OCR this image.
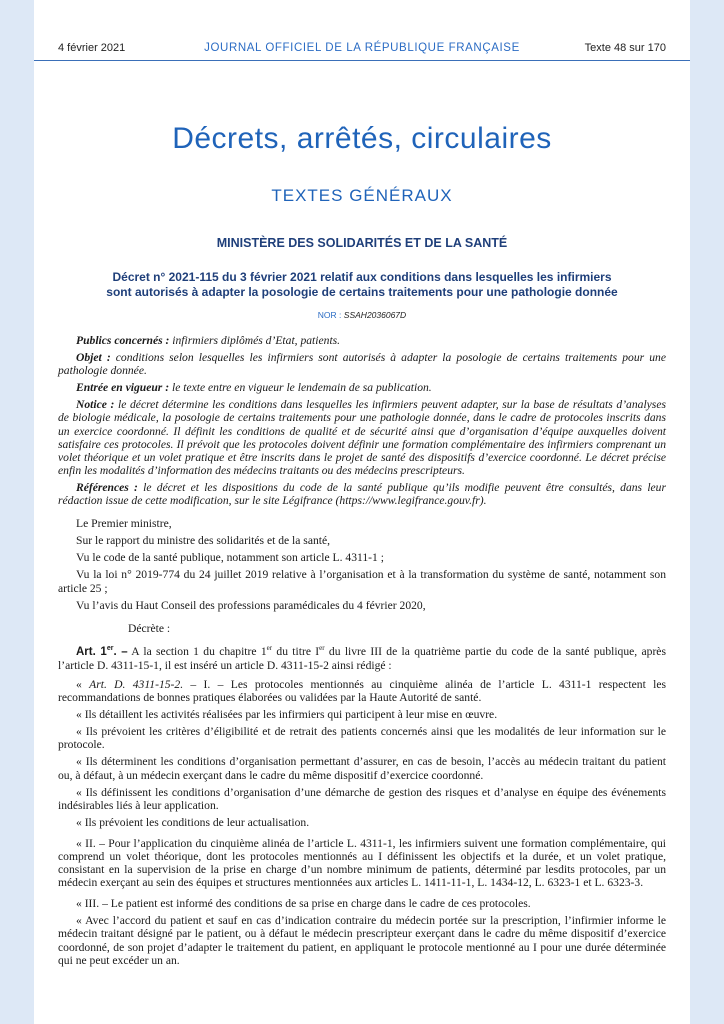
4 février 2021	JOURNAL OFFICIEL DE LA RÉPUBLIQUE FRANÇAISE	Texte 48 sur 170
Décrets, arrêtés, circulaires
TEXTES GÉNÉRAUX
MINISTÈRE DES SOLIDARITÉS ET DE LA SANTÉ
Décret n° 2021-115 du 3 février 2021 relatif aux conditions dans lesquelles les infirmiers
sont autorisés à adapter la posologie de certains traitements pour une pathologie donnée
NOR : SSAH2036067D

Publics concernés : infirmiers diplômés d’Etat, patients.

Objet : conditions selon lesquelles les infirmiers sont autorisés à adapter la posologie de certains traitements pour une pathologie donnée.

Entrée en vigueur : le texte entre en vigueur le lendemain de sa publication.

Notice : le décret détermine les conditions dans lesquelles les infirmiers peuvent adapter, sur la base de résultats d’analyses de biologie médicale, la posologie de certains traitements pour une pathologie donnée, dans le cadre de protocoles inscrits dans un exercice coordonné. Il définit les conditions de qualité et de sécurité ainsi que d’organisation d’équipe auxquelles doivent satisfaire ces protocoles. Il prévoit que les protocoles doivent définir une formation complémentaire des infirmiers comprenant un volet théorique et un volet pratique et être inscrits dans le projet de santé des dispositifs d’exercice coordonné. Le décret précise enfin les modalités d’information des médecins traitants ou des médecins prescripteurs.

Références : le décret et les dispositions du code de la santé publique qu’ils modifie peuvent être consultés, dans leur rédaction issue de cette modification, sur le site Légifrance (https://www.legifrance.gouv.fr).

Le Premier ministre,

Sur le rapport du ministre des solidarités et de la santé,

Vu le code de la santé publique, notamment son article L. 4311-1 ;

Vu la loi n° 2019-774 du 24 juillet 2019 relative à l’organisation et à la transformation du système de santé, notamment son article 25 ;

Vu l’avis du Haut Conseil des professions paramédicales du 4 février 2020,

Décrète :

Art. 1er. – A la section 1 du chapitre 1er du titre Ier du livre III de la quatrième partie du code de la santé publique, après l’article D. 4311-15-1, il est inséré un article D. 4311-15-2 ainsi rédigé :

« Art. D. 4311-15-2. – I. – Les protocoles mentionnés au cinquième alinéa de l’article L. 4311-1 respectent les recommandations de bonnes pratiques élaborées ou validées par la Haute Autorité de santé.

« Ils détaillent les activités réalisées par les infirmiers qui participent à leur mise en œuvre.

« Ils prévoient les critères d’éligibilité et de retrait des patients concernés ainsi que les modalités de leur information sur le protocole.

« Ils déterminent les conditions d’organisation permettant d’assurer, en cas de besoin, l’accès au médecin traitant du patient ou, à défaut, à un médecin exerçant dans le cadre du même dispositif d’exercice coordonné.

« Ils définissent les conditions d’organisation d’une démarche de gestion des risques et d’analyse en équipe des événements indésirables liés à leur application.

« Ils prévoient les conditions de leur actualisation.

« II. – Pour l’application du cinquième alinéa de l’article L. 4311-1, les infirmiers suivent une formation complémentaire, qui comprend un volet théorique, dont les protocoles mentionnés au I définissent les objectifs et la durée, et un volet pratique, consistant en la supervision de la prise en charge d’un nombre minimum de patients, déterminé par lesdits protocoles, par un médecin exerçant au sein des équipes et structures mentionnées aux articles L. 1411-11-1, L. 1434-12, L. 6323-1 et L. 6323-3.

« III. – Le patient est informé des conditions de sa prise en charge dans le cadre de ces protocoles.

« Avec l’accord du patient et sauf en cas d’indication contraire du médecin portée sur la prescription, l’infirmier informe le médecin traitant désigné par le patient, ou à défaut le médecin prescripteur exerçant dans le cadre du même dispositif d’exercice coordonné, de son projet d’adapter le traitement du patient, en appliquant le protocole mentionné au I pour une durée déterminée qui ne peut excéder un an.
